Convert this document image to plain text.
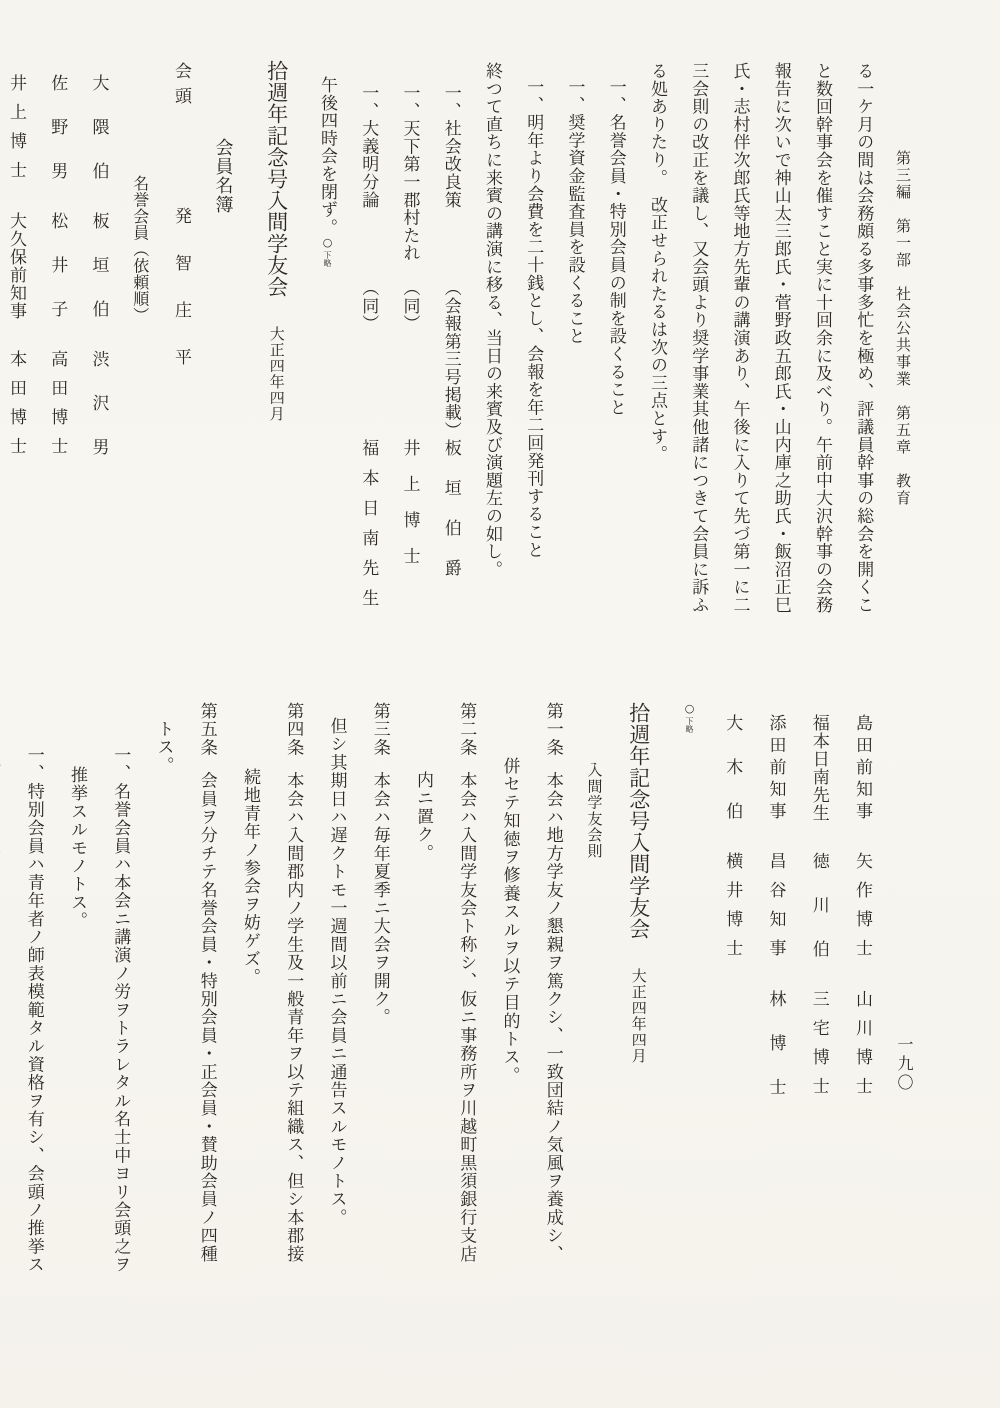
第三編　第一部　社会公共事業　第五章　教育
る一ケ月の間は会務頗る多事多忙を極め、評議員幹事の総会を開くこ
と数回幹事会を催すこと実に十回余に及べり。午前中大沢幹事の会務
報告に次いで神山太三郎氏・菅野政五郎氏・山内庫之助氏・飯沼正巳
氏・志村伴次郎氏等地方先輩の講演あり、午後に入りて先づ第一に二
三会則の改正を議し、又会頭より奨学事業其他諸につきて会員に訴ふ
る処ありたり。　改正せられたるは次の三点とす。
一、名誉会員・特別会員の制を設くること
一、奨学資金監査員を設くること
一、明年より会費を二十銭とし、会報を年二回発刊すること
終つて直ちに来賓の講演に移る、当日の来賓及び演題左の如し。
一、社会改良策（会報第三号掲載）板垣伯爵
一、天下第一郡村たれ（同）井上博士
一、大義明分論（同）福本日南先生
午後四時会を閉ず。○下略
拾週年記念号入間学友会大正四年四月
会員名簿
会頭発智庄平
名誉会員（依頼順）
大隈伯板垣伯渋沢男
佐野男松井子高田博士
井上博士大久保前知事本田博士
島田前知事矢作博士山川博士
福本日南先生徳川伯三宅博士
添田前知事昌谷知事林博士
大木伯横井博士
○下略
拾週年記念号入間学友会大正四年四月
入間学友会則
第一条本会ハ地方学友ノ懇親ヲ篤クシ、一致団結ノ気風ヲ養成シ、
併セテ知徳ヲ修養スルヲ以テ目的トス。
第二条本会ハ入間学友会ト称シ、仮ニ事務所ヲ川越町黒須銀行支店
内ニ置ク。
第三条本会ハ毎年夏季ニ大会ヲ開ク。
但シ其期日ハ遅クトモ一週間以前ニ会員ニ通告スルモノトス。
第四条本会ハ入間郡内ノ学生及一般青年ヲ以テ組織ス、但シ本郡接
続地青年ノ参会ヲ妨ゲズ。
第五条会員ヲ分チテ名誉会員・特別会員・正会員・賛助会員ノ四種
トス。
一、名誉会員ハ本会ニ講演ノ労ヲトラレタル名士中ヨリ会頭之ヲ
推挙スルモノトス。
一、特別会員ハ青年者ノ師表模範タル資格ヲ有シ、会頭ノ推挙ス	一九〇
